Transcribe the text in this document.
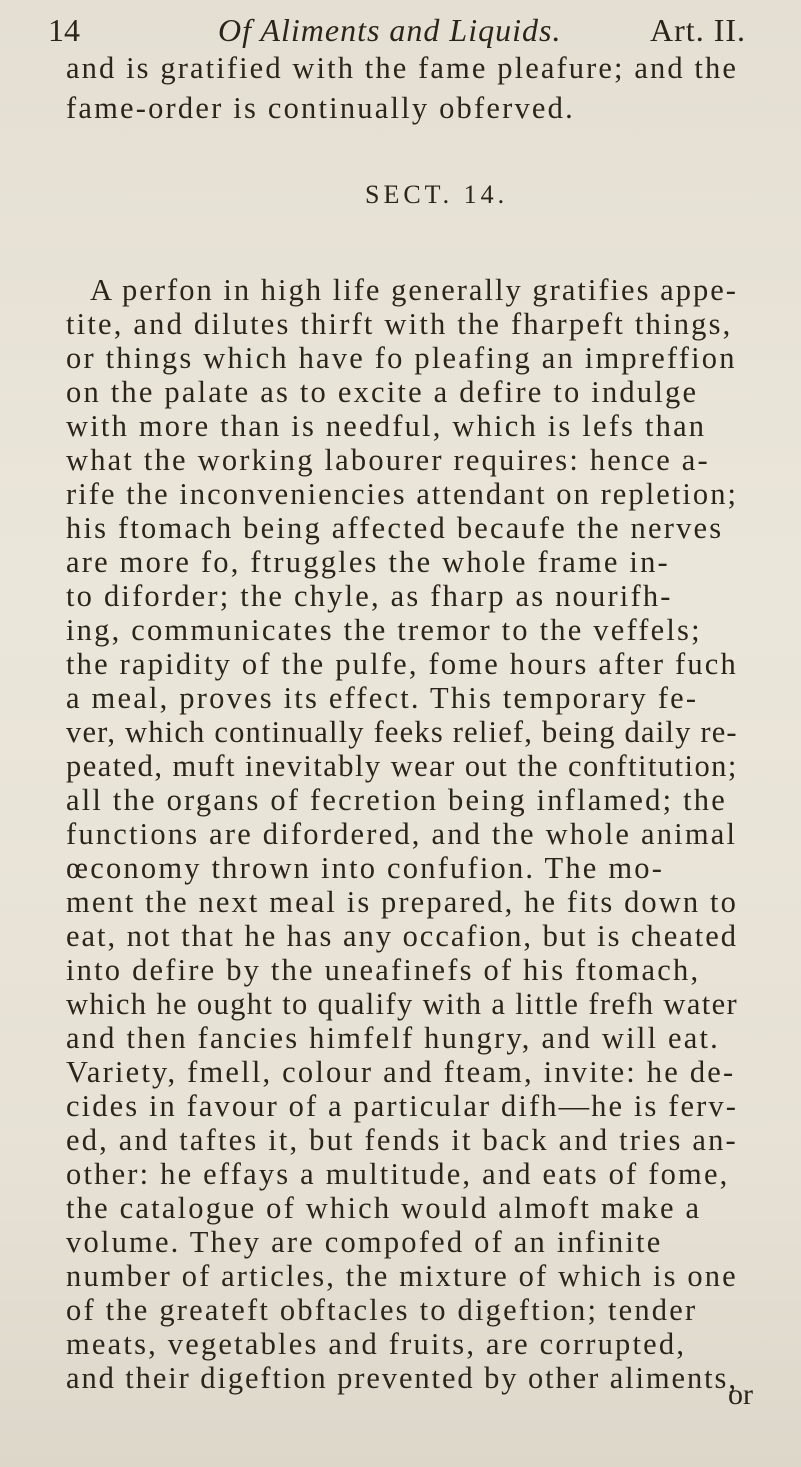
14	Of Aliments and Liquids.	Art. II.
and is gratified with the fame pleafure; and the
fame-order is continually obferved.
SECT. 14.
A perfon in high life generally gratifies appe-
tite, and dilutes thirft with the fharpeft things,
or things which have fo pleafing an impreffion
on the palate as to excite a defire to indulge
with more than is needful, which is lefs than
what the working labourer requires: hence a-
rife the inconveniencies attendant on repletion;
his ftomach being affected becaufe the nerves
are more fo, ftruggles the whole frame in-
to diforder; the chyle, as fharp as nourifh-
ing, communicates the tremor to the veffels;
the rapidity of the pulfe, fome hours after fuch
a meal, proves its effect. This temporary fe-
ver, which continually feeks relief, being daily re-
peated, muft inevitably wear out the conftitution;
all the organs of fecretion being inflamed; the
functions are difordered, and the whole animal
œconomy thrown into confufion. The mo-
ment the next meal is prepared, he fits down to
eat, not that he has any occafion, but is cheated
into defire by the uneafinefs of his ftomach,
which he ought to qualify with a little frefh water
and then fancies himfelf hungry, and will eat.
Variety, fmell, colour and fteam, invite: he de-
cides in favour of a particular difh—he is ferv-
ed, and taftes it, but fends it back and tries an-
other: he effays a multitude, and eats of fome,
the catalogue of which would almoft make a
volume. They are compofed of an infinite
number of articles, the mixture of which is one
of the greateft obftacles to digeftion; tender
meats, vegetables and fruits, are corrupted,
and their digeftion prevented by other aliments,
or
